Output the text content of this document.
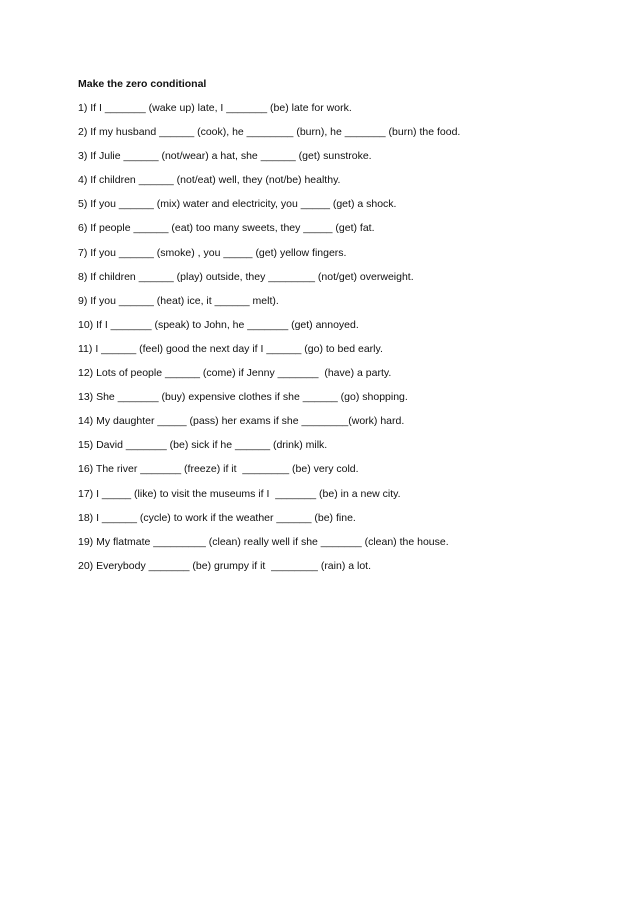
Make the zero conditional
1) If I _______ (wake up) late, I _______ (be) late for work.
2) If my husband ______ (cook), he ________ (burn), he _______ (burn) the food.
3) If Julie ______ (not/wear) a hat, she ______ (get) sunstroke.
4) If children ______ (not/eat) well, they (not/be) healthy.
5) If you ______ (mix) water and electricity, you _____ (get) a shock.
6) If people ______ (eat) too many sweets, they _____ (get) fat.
7) If you ______ (smoke) , you _____ (get) yellow fingers.
8) If children ______ (play) outside, they ________ (not/get) overweight.
9) If you ______ (heat) ice, it ______ melt).
10) If I _______ (speak) to John, he _______ (get) annoyed.
11) I ______ (feel) good the next day if I ______ (go) to bed early.
12) Lots of people ______ (come) if Jenny _______  (have) a party.
13) She _______ (buy) expensive clothes if she ______ (go) shopping.
14) My daughter _____ (pass) her exams if she ________(work) hard.
15) David _______ (be) sick if he ______ (drink) milk.
16) The river _______ (freeze) if it  ________ (be) very cold.
17) I _____ (like) to visit the museums if I  _______ (be) in a new city.
18) I ______ (cycle) to work if the weather ______ (be) fine.
19) My flatmate _________ (clean) really well if she _______ (clean) the house.
20) Everybody _______ (be) grumpy if it  ________ (rain) a lot.
